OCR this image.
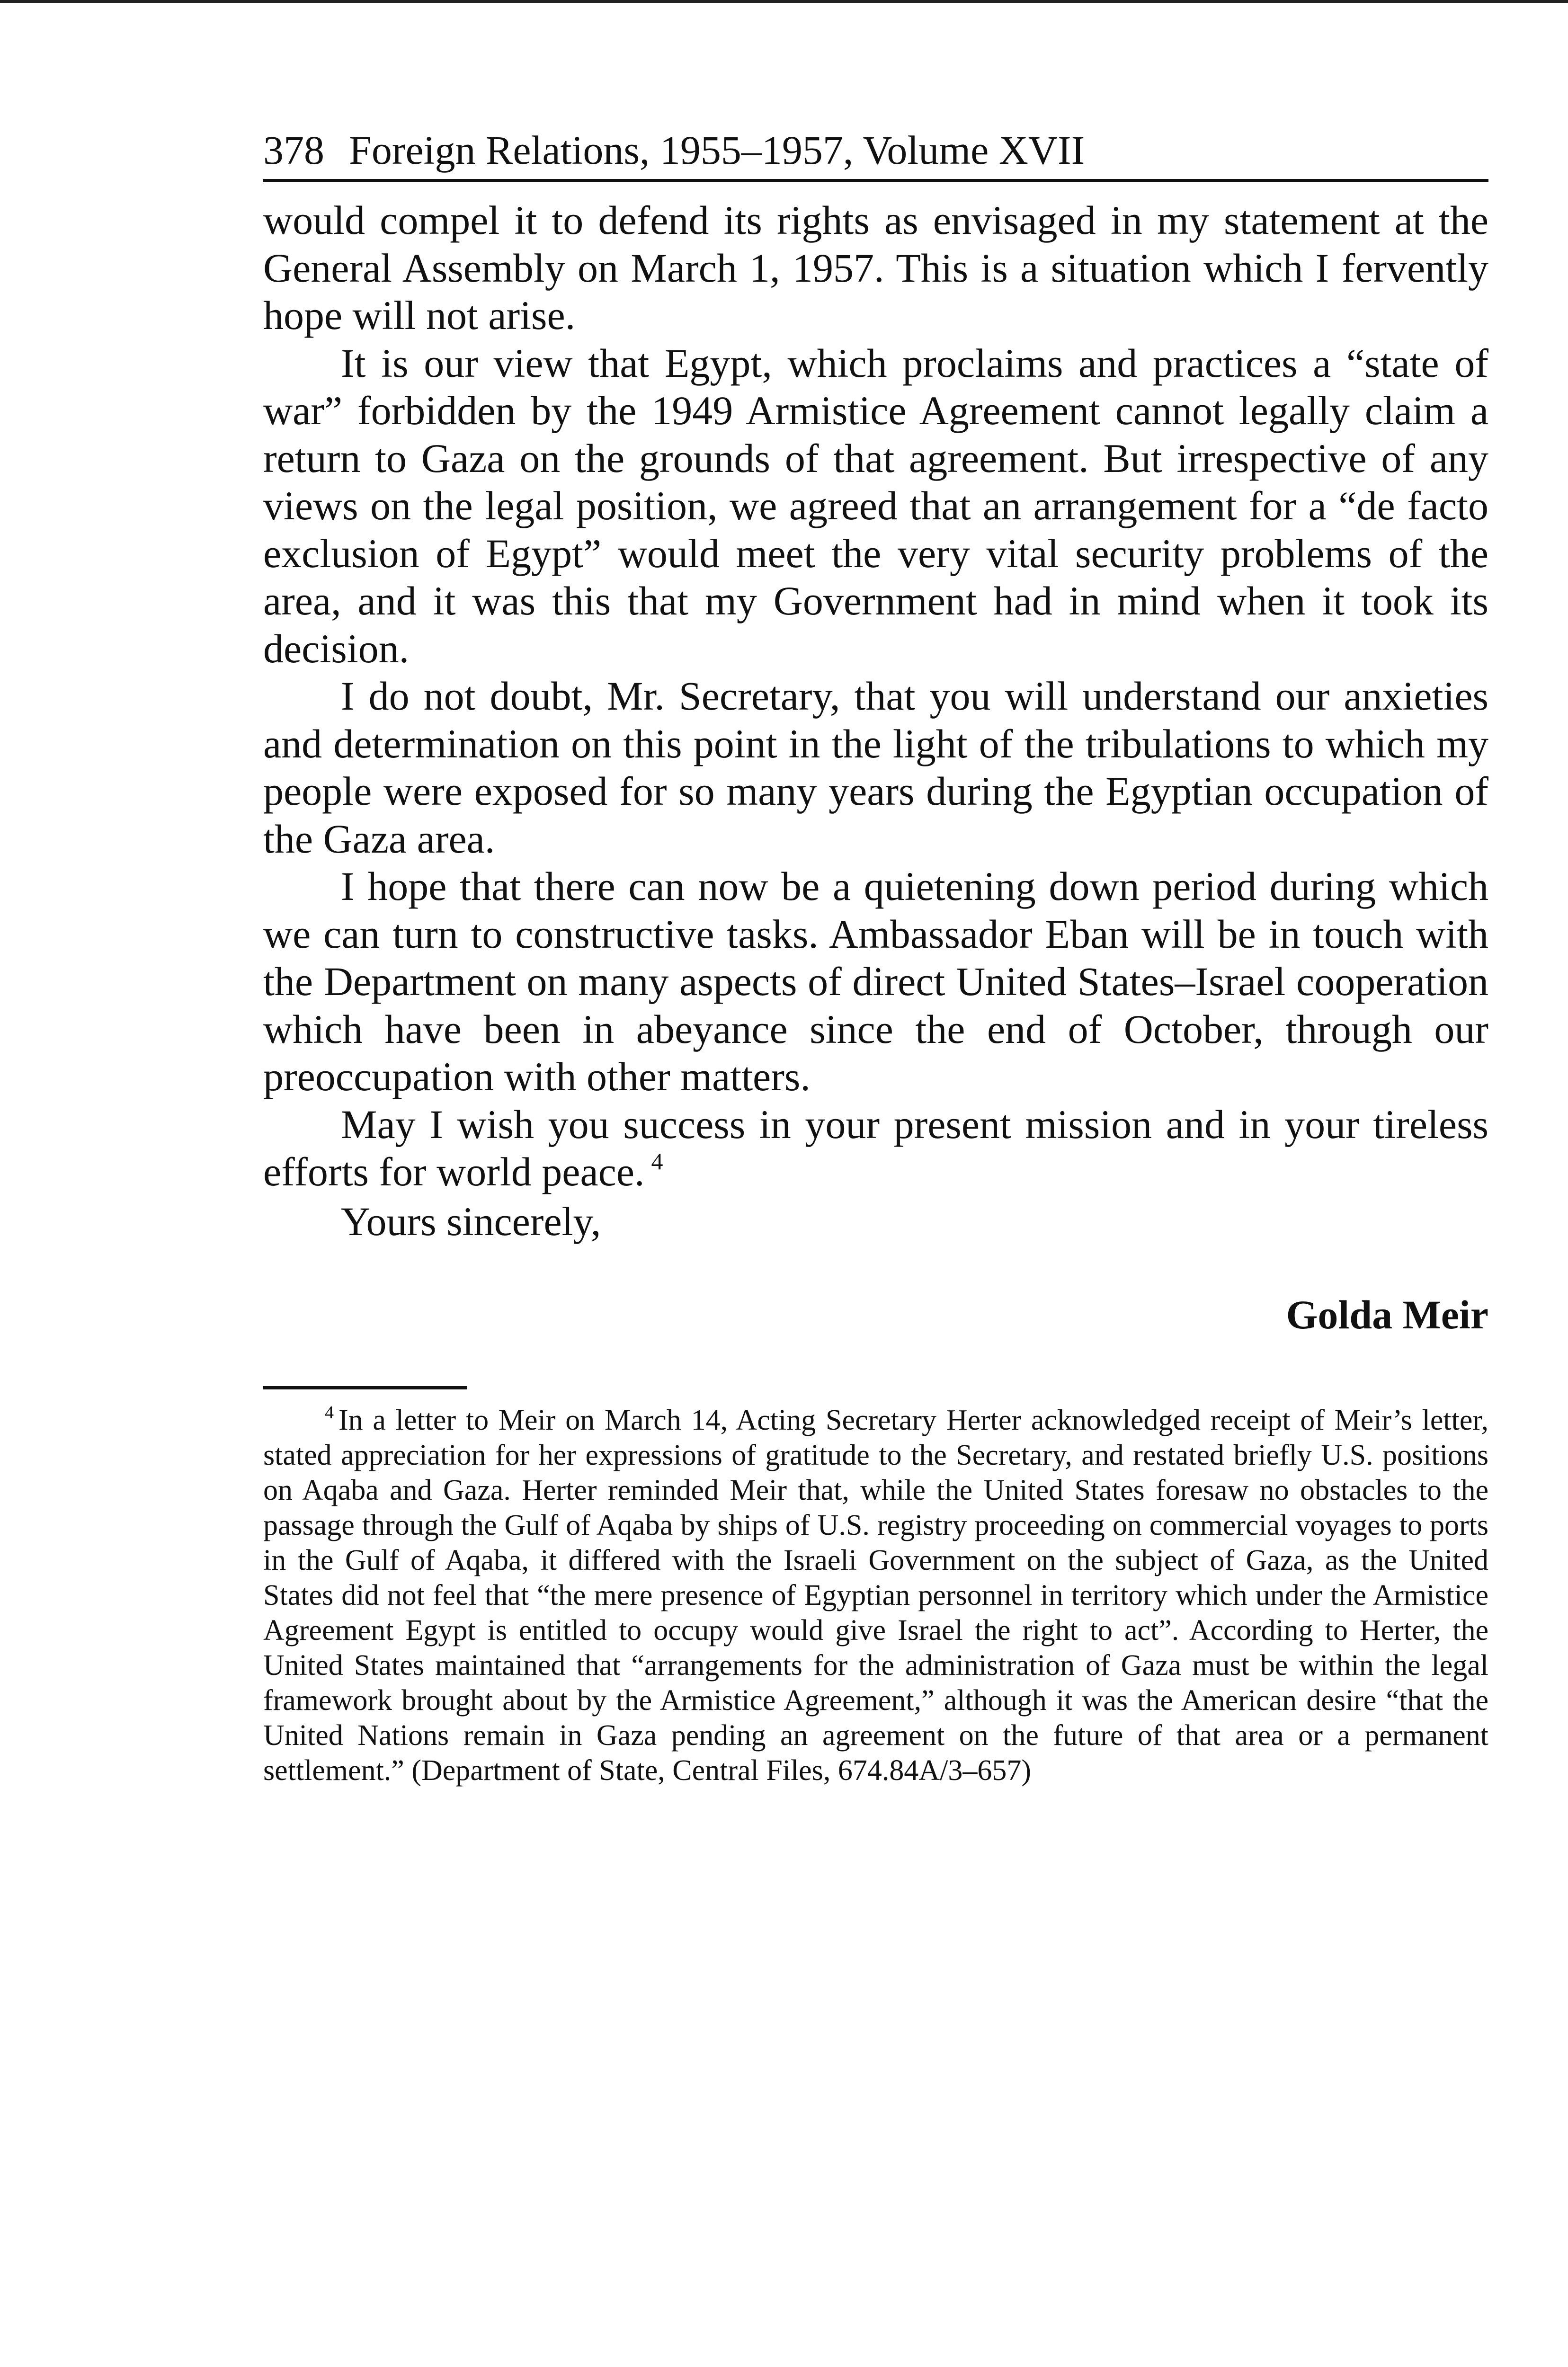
378 Foreign Relations, 1955–1957, Volume XVII

would compel it to defend its rights as envisaged in my statement at the General Assembly on March 1, 1957. This is a situation which I fervently hope will not arise.

It is our view that Egypt, which proclaims and practices a “state of war” forbidden by the 1949 Armistice Agreement cannot legally claim a return to Gaza on the grounds of that agreement. But irrespective of any views on the legal position, we agreed that an arrangement for a “de facto exclusion of Egypt” would meet the very vital security problems of the area, and it was this that my Government had in mind when it took its decision.

I do not doubt, Mr. Secretary, that you will understand our anxieties and determination on this point in the light of the tribulations to which my people were exposed for so many years during the Egyptian occupation of the Gaza area.

I hope that there can now be a quietening down period during which we can turn to constructive tasks. Ambassador Eban will be in touch with the Department on many aspects of direct United States–Israel cooperation which have been in abeyance since the end of October, through our preoccupation with other matters.

May I wish you success in your present mission and in your tireless efforts for world peace. $^4$

Yours sincerely,
Golda Meir

$^4$ In a letter to Meir on March 14, Acting Secretary Herter acknowledged receipt of Meir’s letter, stated appreciation for her expressions of gratitude to the Secretary, and restated briefly U.S. positions on Aqaba and Gaza. Herter reminded Meir that, while the United States foresaw no obstacles to the passage through the Gulf of Aqaba by ships of U.S. registry proceeding on commercial voyages to ports in the Gulf of Aqaba, it differed with the Israeli Government on the subject of Gaza, as the United States did not feel that “the mere presence of Egyptian personnel in territory which under the Armistice Agreement Egypt is entitled to occupy would give Israel the right to act”. According to Herter, the United States maintained that “arrangements for the administration of Gaza must be within the legal framework brought about by the Armistice Agreement,” although it was the American desire “that the United Nations remain in Gaza pending an agreement on the future of that area or a permanent settlement.” (Department of State, Central Files, 674.84A/3–657)
